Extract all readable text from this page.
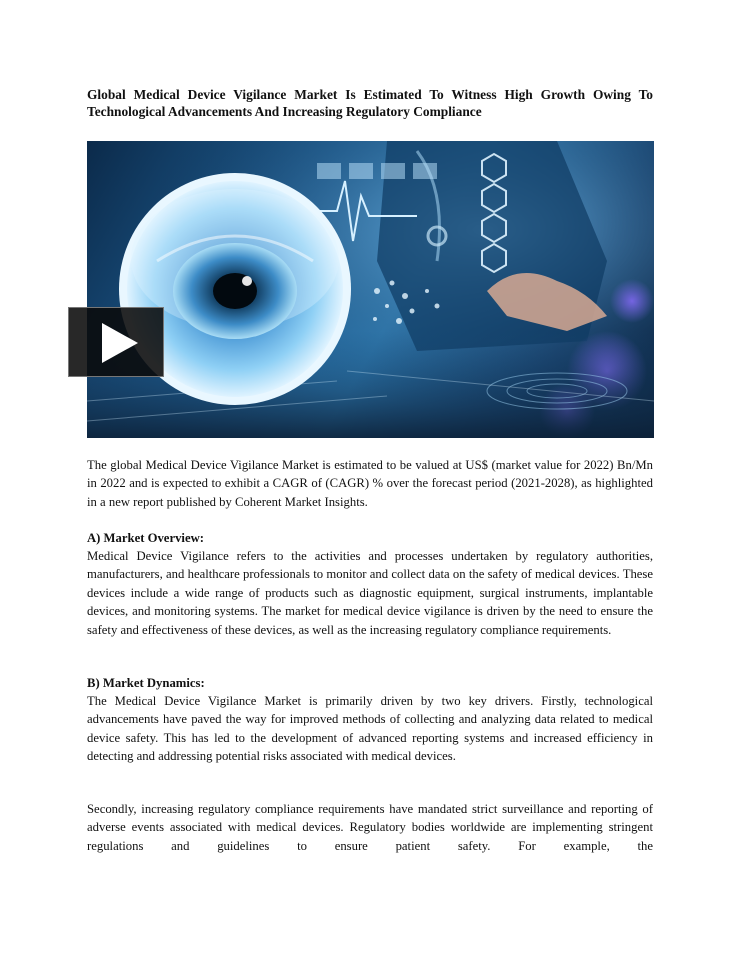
Global Medical Device Vigilance Market Is Estimated To Witness High Growth Owing To Technological Advancements And Increasing Regulatory Compliance

The global Medical Device Vigilance Market is estimated to be valued at US$ (market value for 2022) Bn/Mn in 2022 and is expected to exhibit a CAGR of (CAGR) % over the forecast period (2021-2028), as highlighted in a new report published by Coherent Market Insights.

A) Market Overview:

Medical Device Vigilance refers to the activities and processes undertaken by regulatory authorities, manufacturers, and healthcare professionals to monitor and collect data on the safety of medical devices. These devices include a wide range of products such as diagnostic equipment, surgical instruments, implantable devices, and monitoring systems. The market for medical device vigilance is driven by the need to ensure the safety and effectiveness of these devices, as well as the increasing regulatory compliance requirements.

B) Market Dynamics:

The Medical Device Vigilance Market is primarily driven by two key drivers. Firstly, technological advancements have paved the way for improved methods of collecting and analyzing data related to medical device safety. This has led to the development of advanced reporting systems and increased efficiency in detecting and addressing potential risks associated with medical devices.

Secondly, increasing regulatory compliance requirements have mandated strict surveillance and reporting of adverse events associated with medical devices. Regulatory bodies worldwide are implementing stringent regulations and guidelines to ensure patient safety. For example, the
